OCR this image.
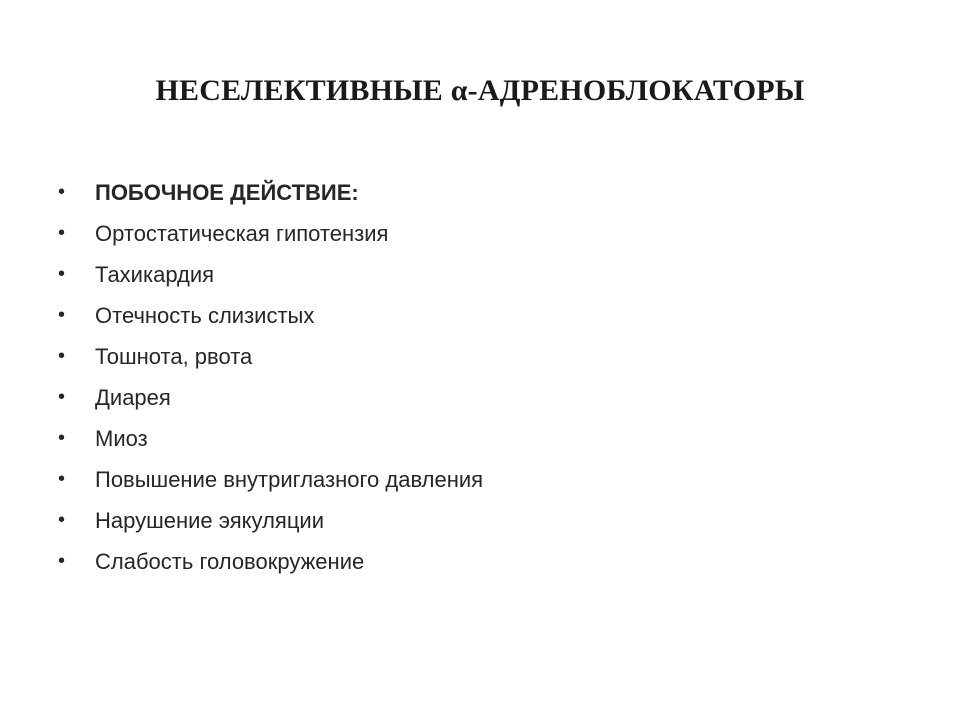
НЕСЕЛЕКТИВНЫЕ α-АДРЕНОБЛОКАТОРЫ
•	ПОБОЧНОЕ ДЕЙСТВИЕ:
•	Ортостатическая гипотензия
•	Тахикардия
•	Отечность слизистых
•	Тошнота, рвота
•	Диарея
•	Миоз
•	Повышение внутриглазного давления
•	Нарушение эякуляции
•	Слабость головокружение
